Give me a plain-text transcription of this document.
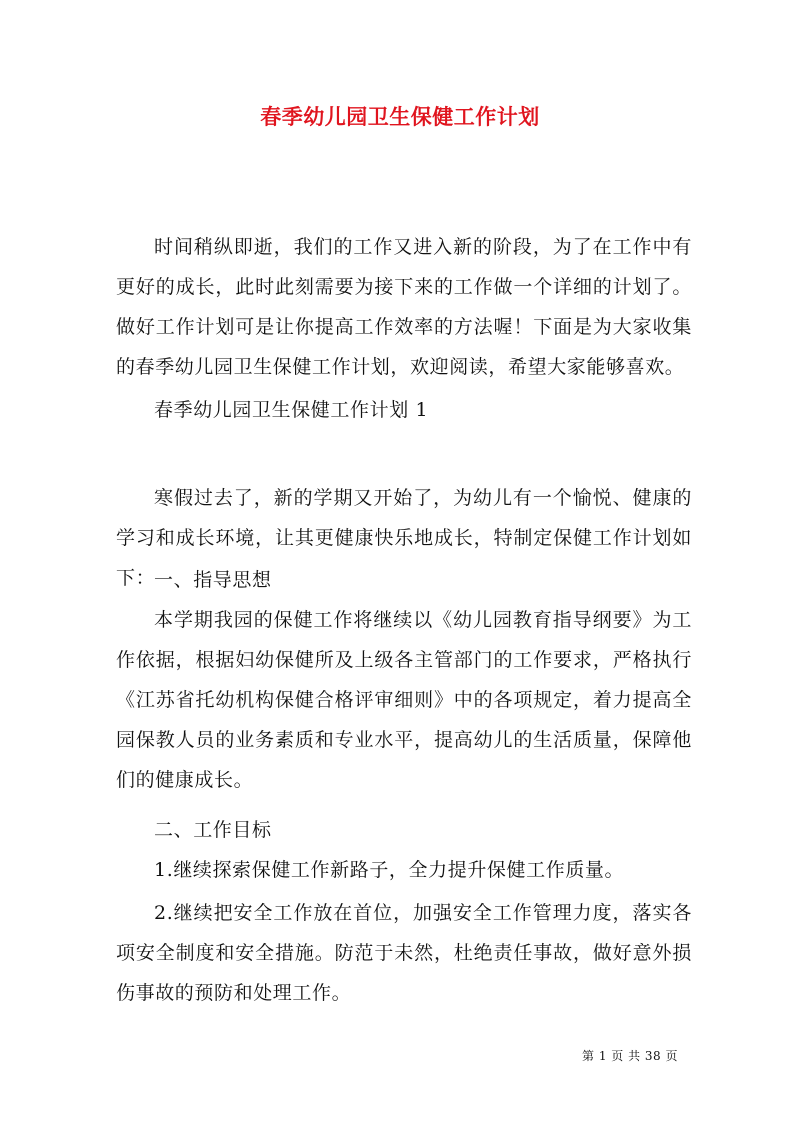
春季幼儿园卫生保健工作计划

时间稍纵即逝，我们的工作又进入新的阶段，为了在工作中有更好的成长，此时此刻需要为接下来的工作做一个详细的计划了。做好工作计划可是让你提高工作效率的方法喔！下面是为大家收集的春季幼儿园卫生保健工作计划，欢迎阅读，希望大家能够喜欢。

春季幼儿园卫生保健工作计划 1

寒假过去了，新的学期又开始了，为幼儿有一个愉悦、健康的学习和成长环境，让其更健康快乐地成长，特制定保健工作计划如下：

一、指导思想

本学期我园的保健工作将继续以《幼儿园教育指导纲要》为工作依据，根据妇幼保健所及上级各主管部门的工作要求，严格执行《江苏省托幼机构保健合格评审细则》中的各项规定，着力提高全园保教人员的业务素质和专业水平，提高幼儿的生活质量，保障他们的健康成长。

二、工作目标

1.继续探索保健工作新路子，全力提升保健工作质量。

2.继续把安全工作放在首位，加强安全工作管理力度，落实各项安全制度和安全措施。防范于未然，杜绝责任事故，做好意外损伤事故的预防和处理工作。

第 1 页 共 38 页
